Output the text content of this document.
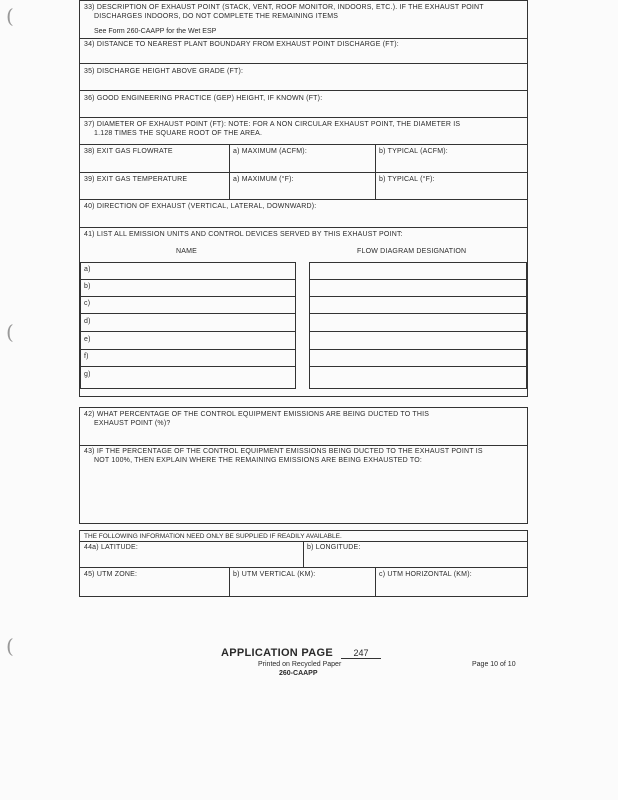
(
(
(
33) DESCRIPTION OF EXHAUST POINT (STACK, VENT, ROOF MONITOR, INDOORS, ETC.). IF THE EXHAUST POINT
DISCHARGES INDOORS, DO NOT COMPLETE THE REMAINING ITEMS
See Form 260-CAAPP for the Wet ESP
34) DISTANCE TO NEAREST PLANT BOUNDARY FROM EXHAUST POINT DISCHARGE (FT):
35) DISCHARGE HEIGHT ABOVE GRADE (FT):
36) GOOD ENGINEERING PRACTICE (GEP) HEIGHT, IF KNOWN (FT):
37) DIAMETER OF EXHAUST POINT (FT): NOTE: FOR A NON CIRCULAR EXHAUST POINT, THE DIAMETER IS
1.128 TIMES THE SQUARE ROOT OF THE AREA.
38) EXIT GAS FLOWRATE	a) MAXIMUM (ACFM):	b) TYPICAL (ACFM):
39) EXIT GAS TEMPERATURE	a) MAXIMUM (°F):	b) TYPICAL (°F):
40) DIRECTION OF EXHAUST (VERTICAL, LATERAL, DOWNWARD):
41) LIST ALL EMISSION UNITS AND CONTROL DEVICES SERVED BY THIS EXHAUST POINT:
NAME	FLOW DIAGRAM DESIGNATION
a)
b)
c)
d)
e)
f)
g)
42) WHAT PERCENTAGE OF THE CONTROL EQUIPMENT EMISSIONS ARE BEING DUCTED TO THIS
EXHAUST POINT (%)?
43) IF THE PERCENTAGE OF THE CONTROL EQUIPMENT EMISSIONS BEING DUCTED TO THE EXHAUST POINT IS
NOT 100%, THEN EXPLAIN WHERE THE REMAINING EMISSIONS ARE BEING EXHAUSTED TO:
THE FOLLOWING INFORMATION NEED ONLY BE SUPPLIED IF READILY AVAILABLE.
44a) LATITUDE:	b) LONGITUDE:
45) UTM ZONE:	b) UTM VERTICAL (KM):	c) UTM HORIZONTAL (KM):
APPLICATION PAGE	247
Printed on Recycled Paper
260-CAAPP
Page 10 of 10
